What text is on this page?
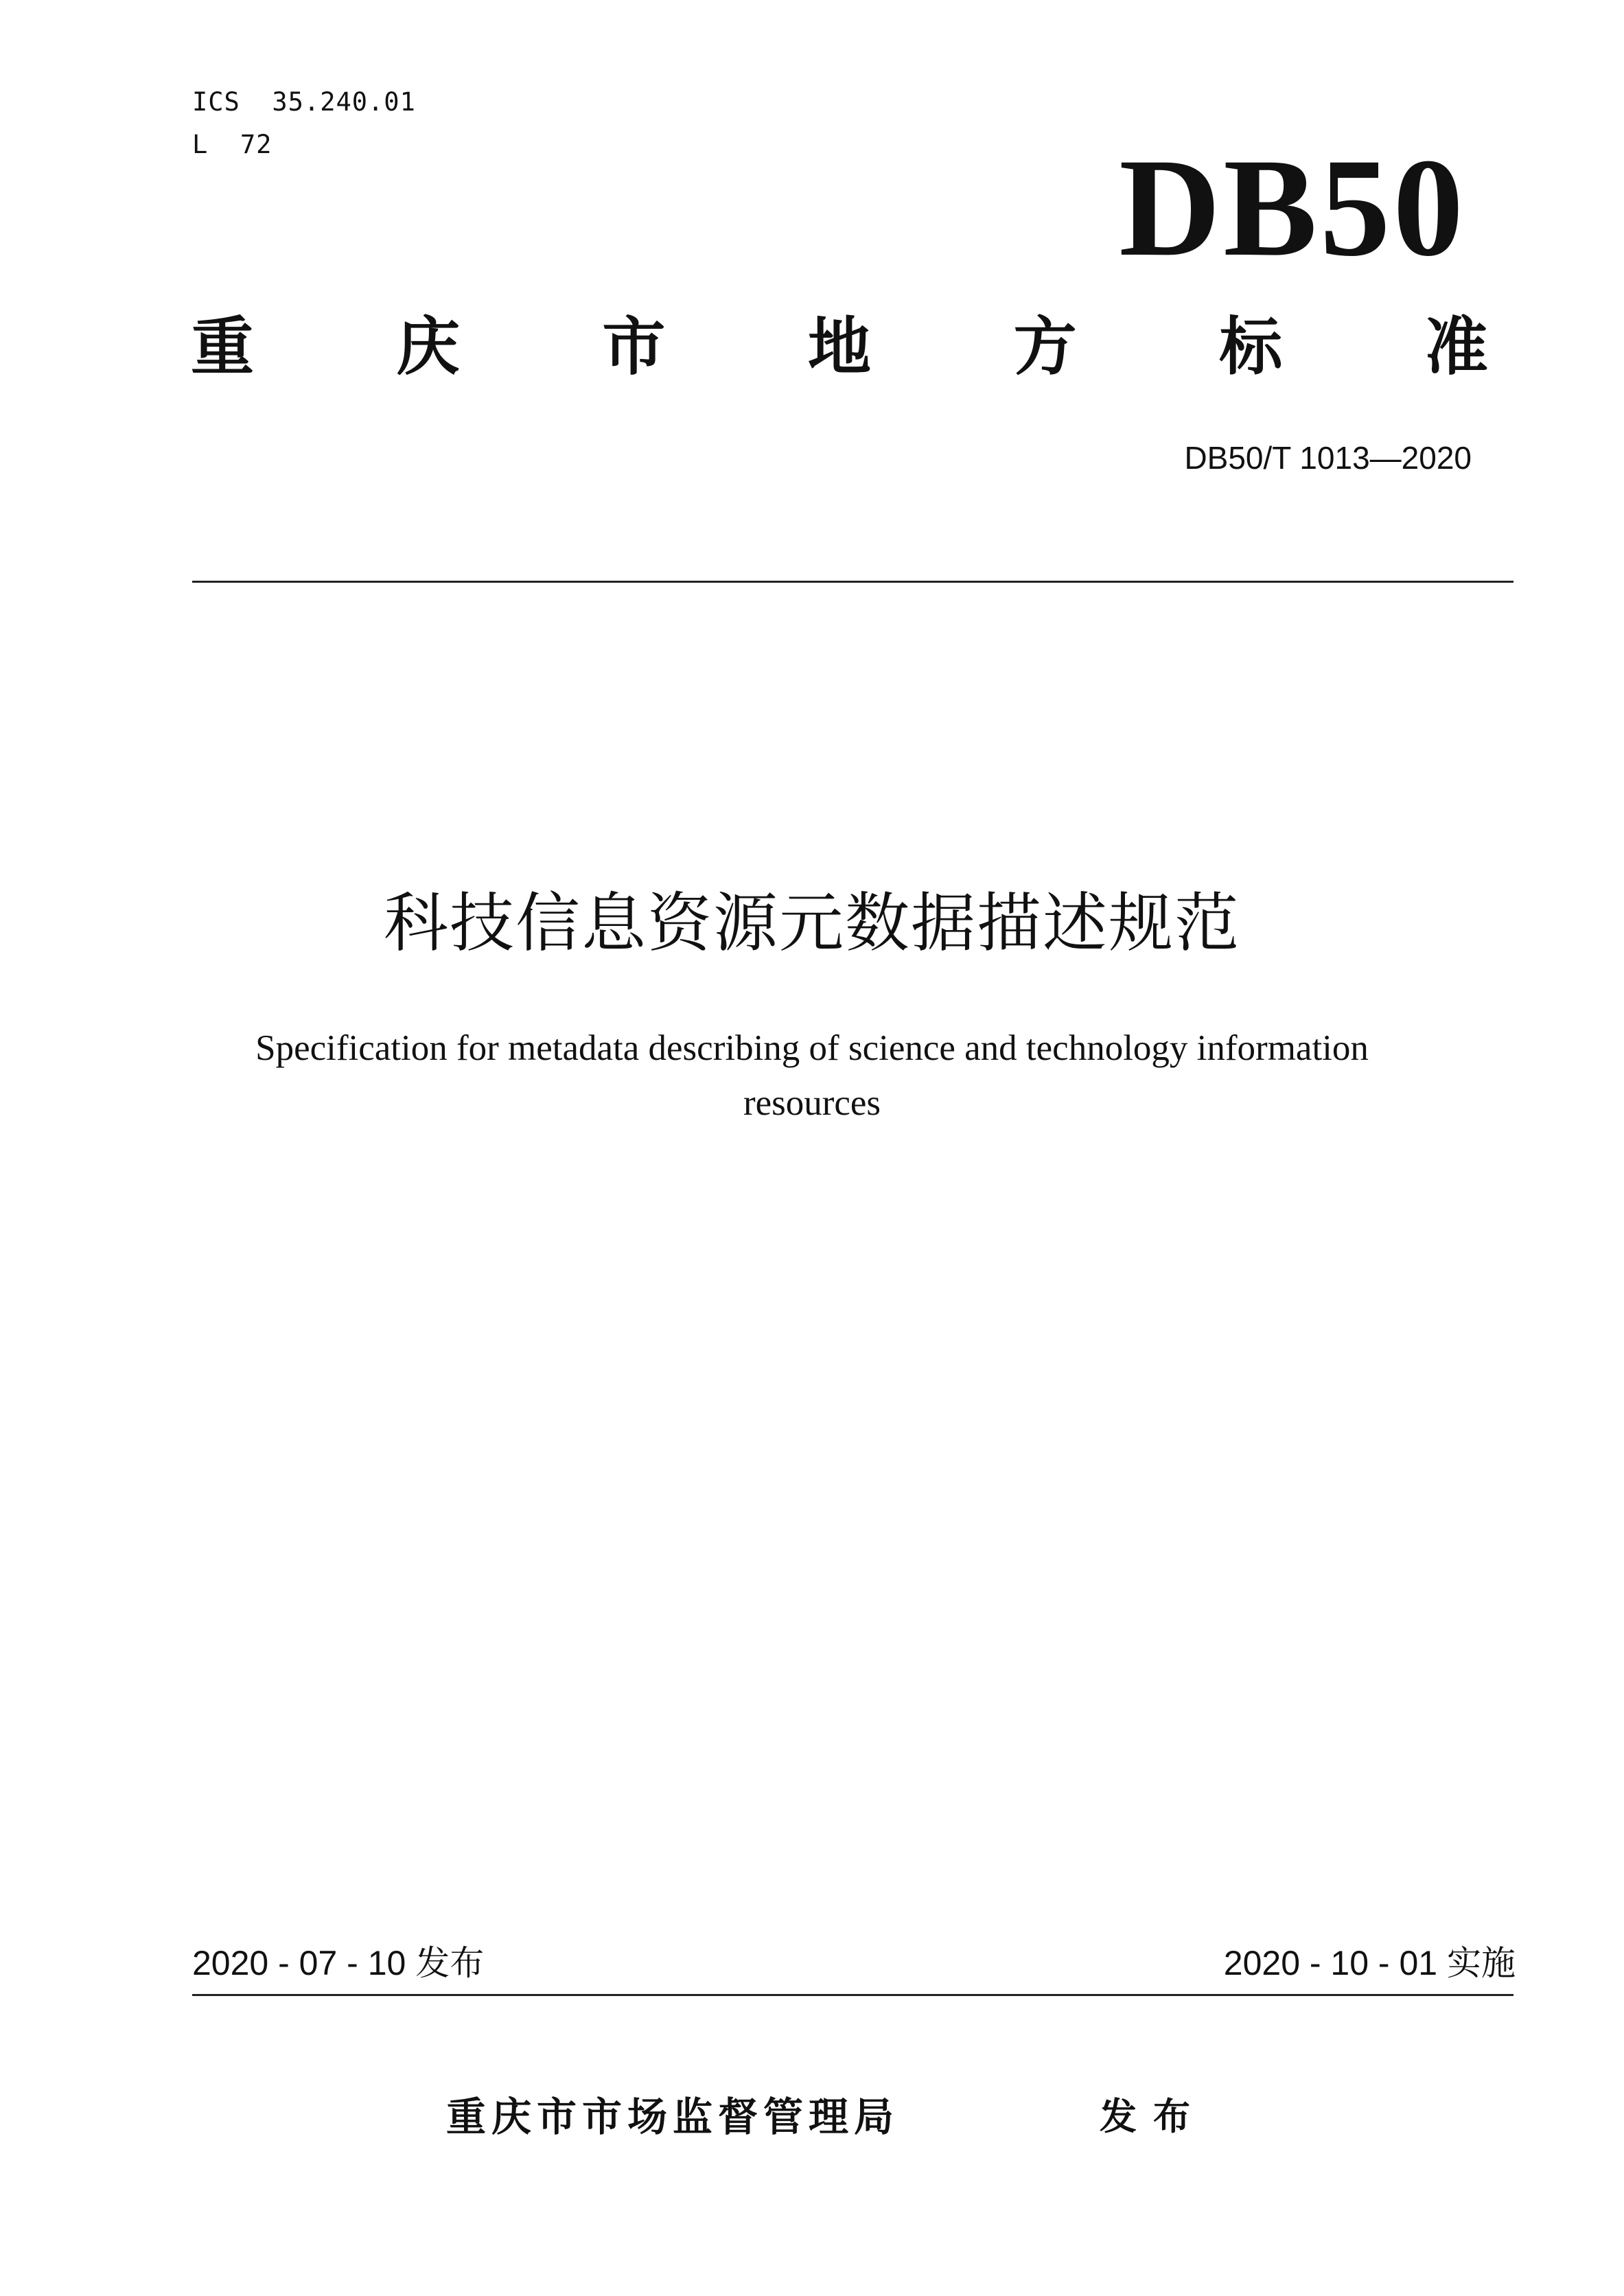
ICS  35.240.01
L  72	DB50
重 庆 市 地 方 标 准
DB50/T 1013—2020
科技信息资源元数据描述规范
Specification for metadata describing of science and technology information
resources
2020 - 07 - 10 发布	2020 - 10 - 01 实施
重庆市市场监督管理局	发布
